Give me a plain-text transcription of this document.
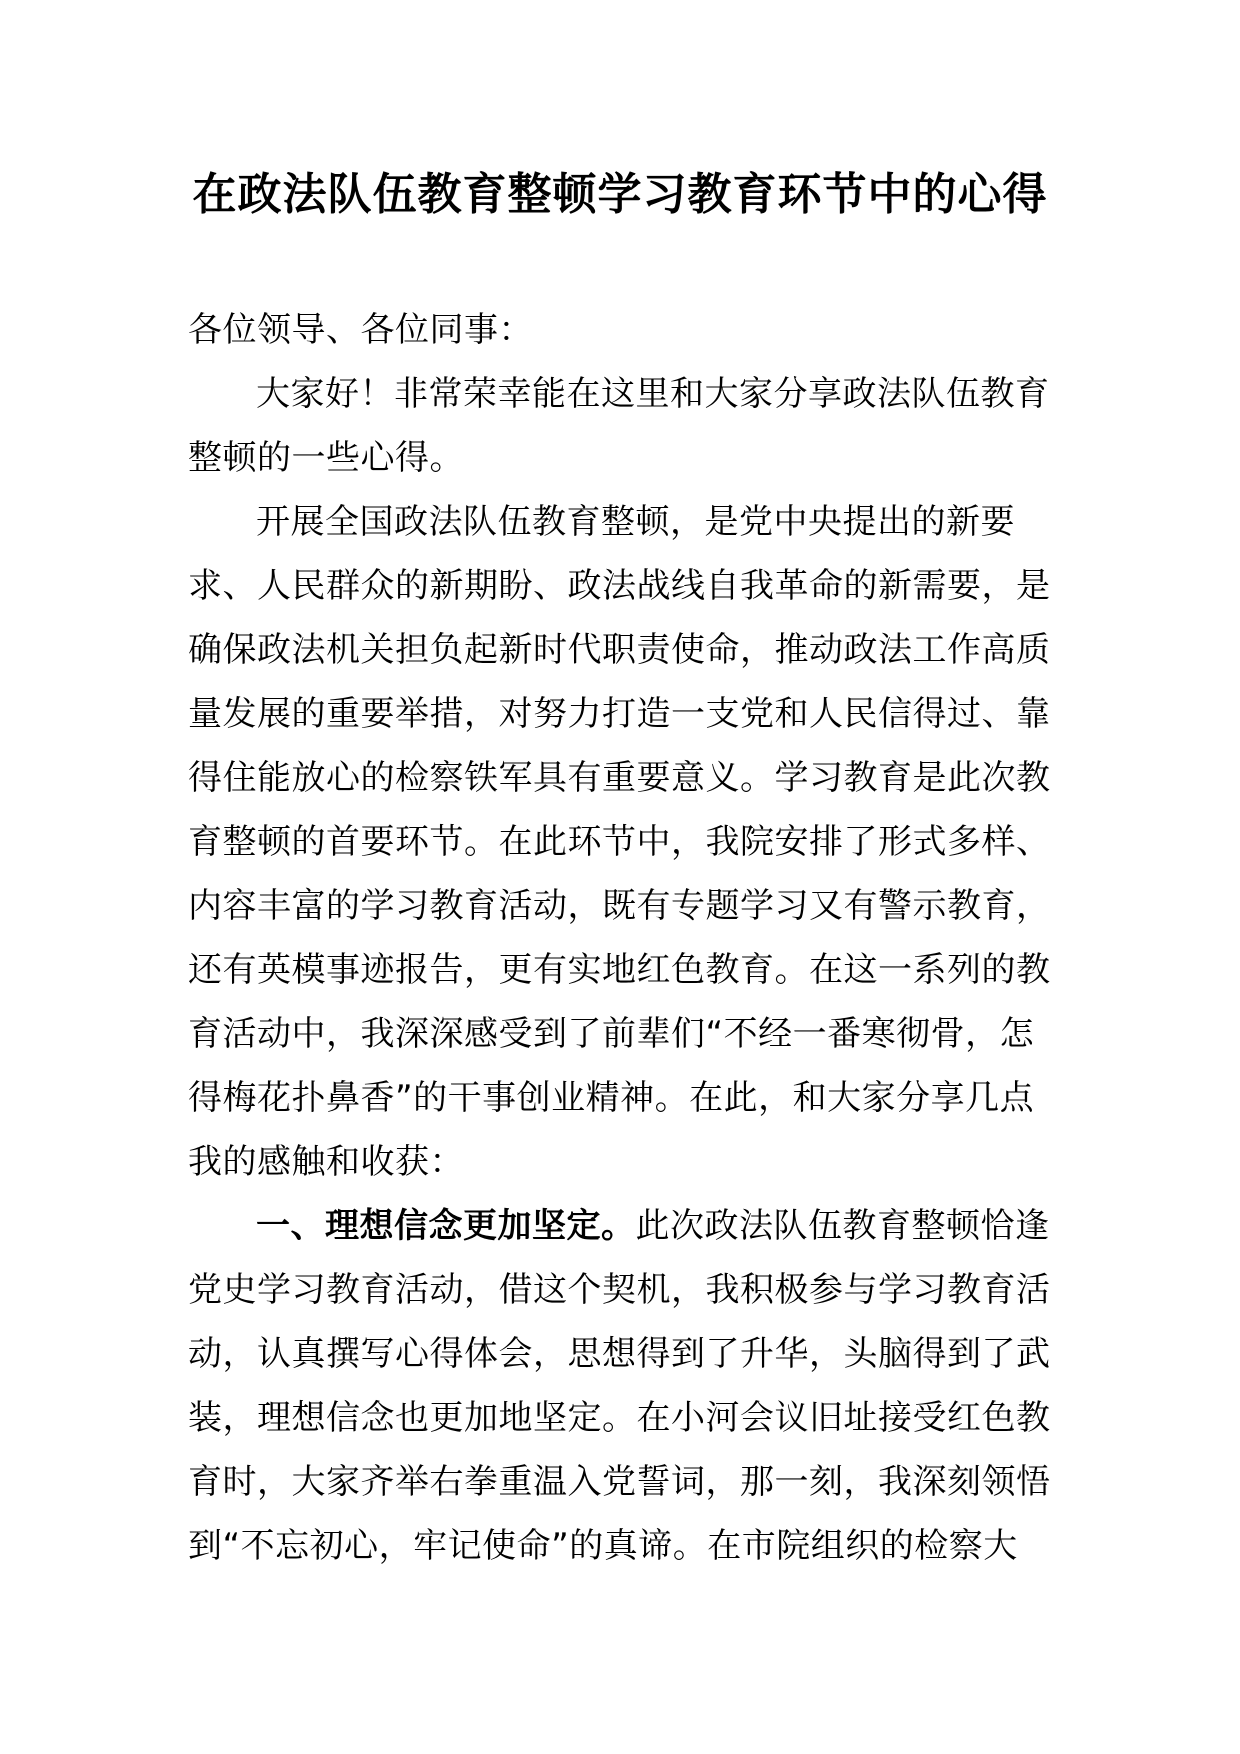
在政法队伍教育整顿学习教育环节中的心得

各位领导、各位同事：

大家好！非常荣幸能在这里和大家分享政法队伍教育整顿的一些心得。

开展全国政法队伍教育整顿，是党中央提出的新要求、人民群众的新期盼、政法战线自我革命的新需要，是确保政法机关担负起新时代职责使命，推动政法工作高质量发展的重要举措，对努力打造一支党和人民信得过、靠得住能放心的检察铁军具有重要意义。学习教育是此次教育整顿的首要环节。在此环节中，我院安排了形式多样、内容丰富的学习教育活动，既有专题学习又有警示教育，还有英模事迹报告，更有实地红色教育。在这一系列的教育活动中，我深深感受到了前辈们“不经一番寒彻骨，怎得梅花扑鼻香”的干事创业精神。在此，和大家分享几点我的感触和收获：

一、理想信念更加坚定。此次政法队伍教育整顿恰逢党史学习教育活动，借这个契机，我积极参与学习教育活动，认真撰写心得体会，思想得到了升华，头脑得到了武装，理想信念也更加地坚定。在小河会议旧址接受红色教育时，大家齐举右拳重温入党誓词，那一刻，我深刻领悟到“不忘初心，牢记使命”的真谛。在市院组织的检察大
